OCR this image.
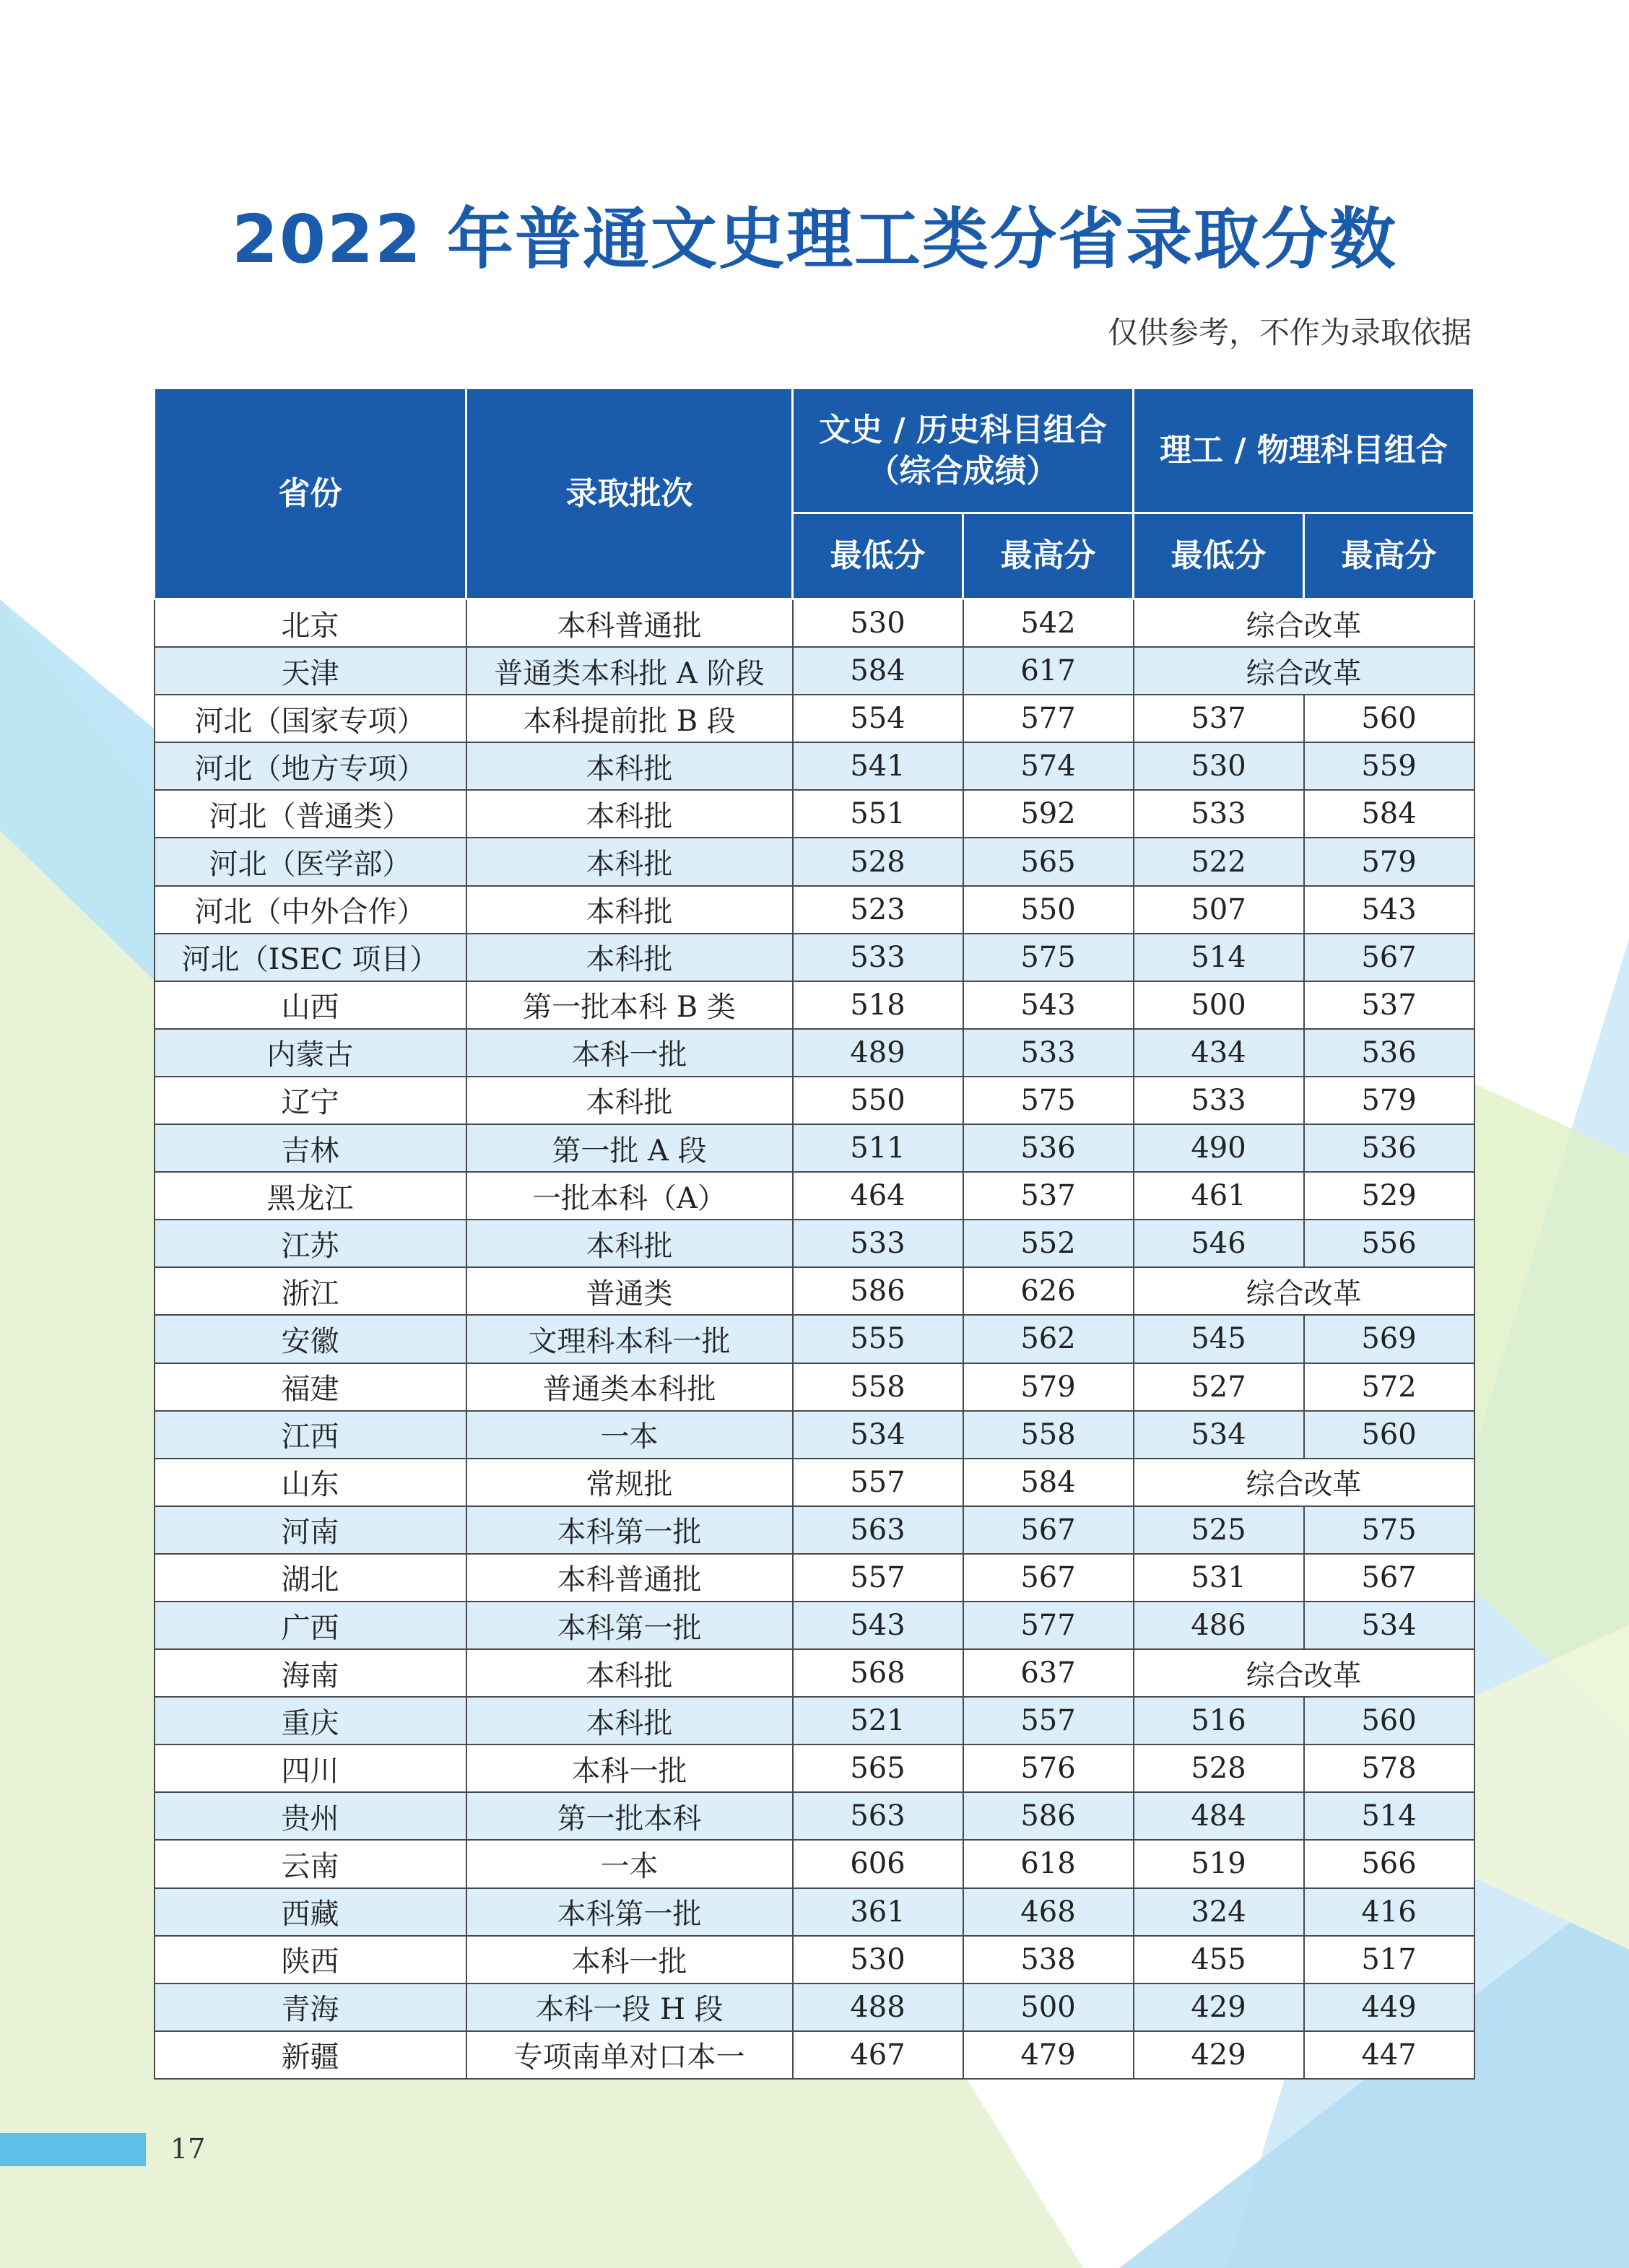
2022 年普通文史理工类分省录取分数
仅供参考，不作为录取依据
省份	录取批次	文史 / 历史科目组合
（综合成绩）		理工 / 物理科目组合	
		最低分	最高分	最低分	最高分
北京	本科普通批	530	542	综合改革	
天津	普通类本科批 A 阶段	584	617	综合改革	
河北（国家专项）	本科提前批 B 段	554	577	537	560
河北（地方专项）	本科批	541	574	530	559
河北（普通类）	本科批	551	592	533	584
河北（医学部）	本科批	528	565	522	579
河北（中外合作）	本科批	523	550	507	543
河北（ISEC 项目）	本科批	533	575	514	567
山西	第一批本科 B 类	518	543	500	537
内蒙古	本科一批	489	533	434	536
辽宁	本科批	550	575	533	579
吉林	第一批 A 段	511	536	490	536
黑龙江	一批本科（A）	464	537	461	529
江苏	本科批	533	552	546	556
浙江	普通类	586	626	综合改革	
安徽	文理科本科一批	555	562	545	569
福建	普通类本科批	558	579	527	572
江西	一本	534	558	534	560
山东	常规批	557	584	综合改革	
河南	本科第一批	563	567	525	575
湖北	本科普通批	557	567	531	567
广西	本科第一批	543	577	486	534
海南	本科批	568	637	综合改革	
重庆	本科批	521	557	516	560
四川	本科一批	565	576	528	578
贵州	第一批本科	563	586	484	514
云南	一本	606	618	519	566
西藏	本科第一批	361	468	324	416
陕西	本科一批	530	538	455	517
青海	本科一段 H 段	488	500	429	449
新疆	专项南单对口本一	467	479	429	447
17
